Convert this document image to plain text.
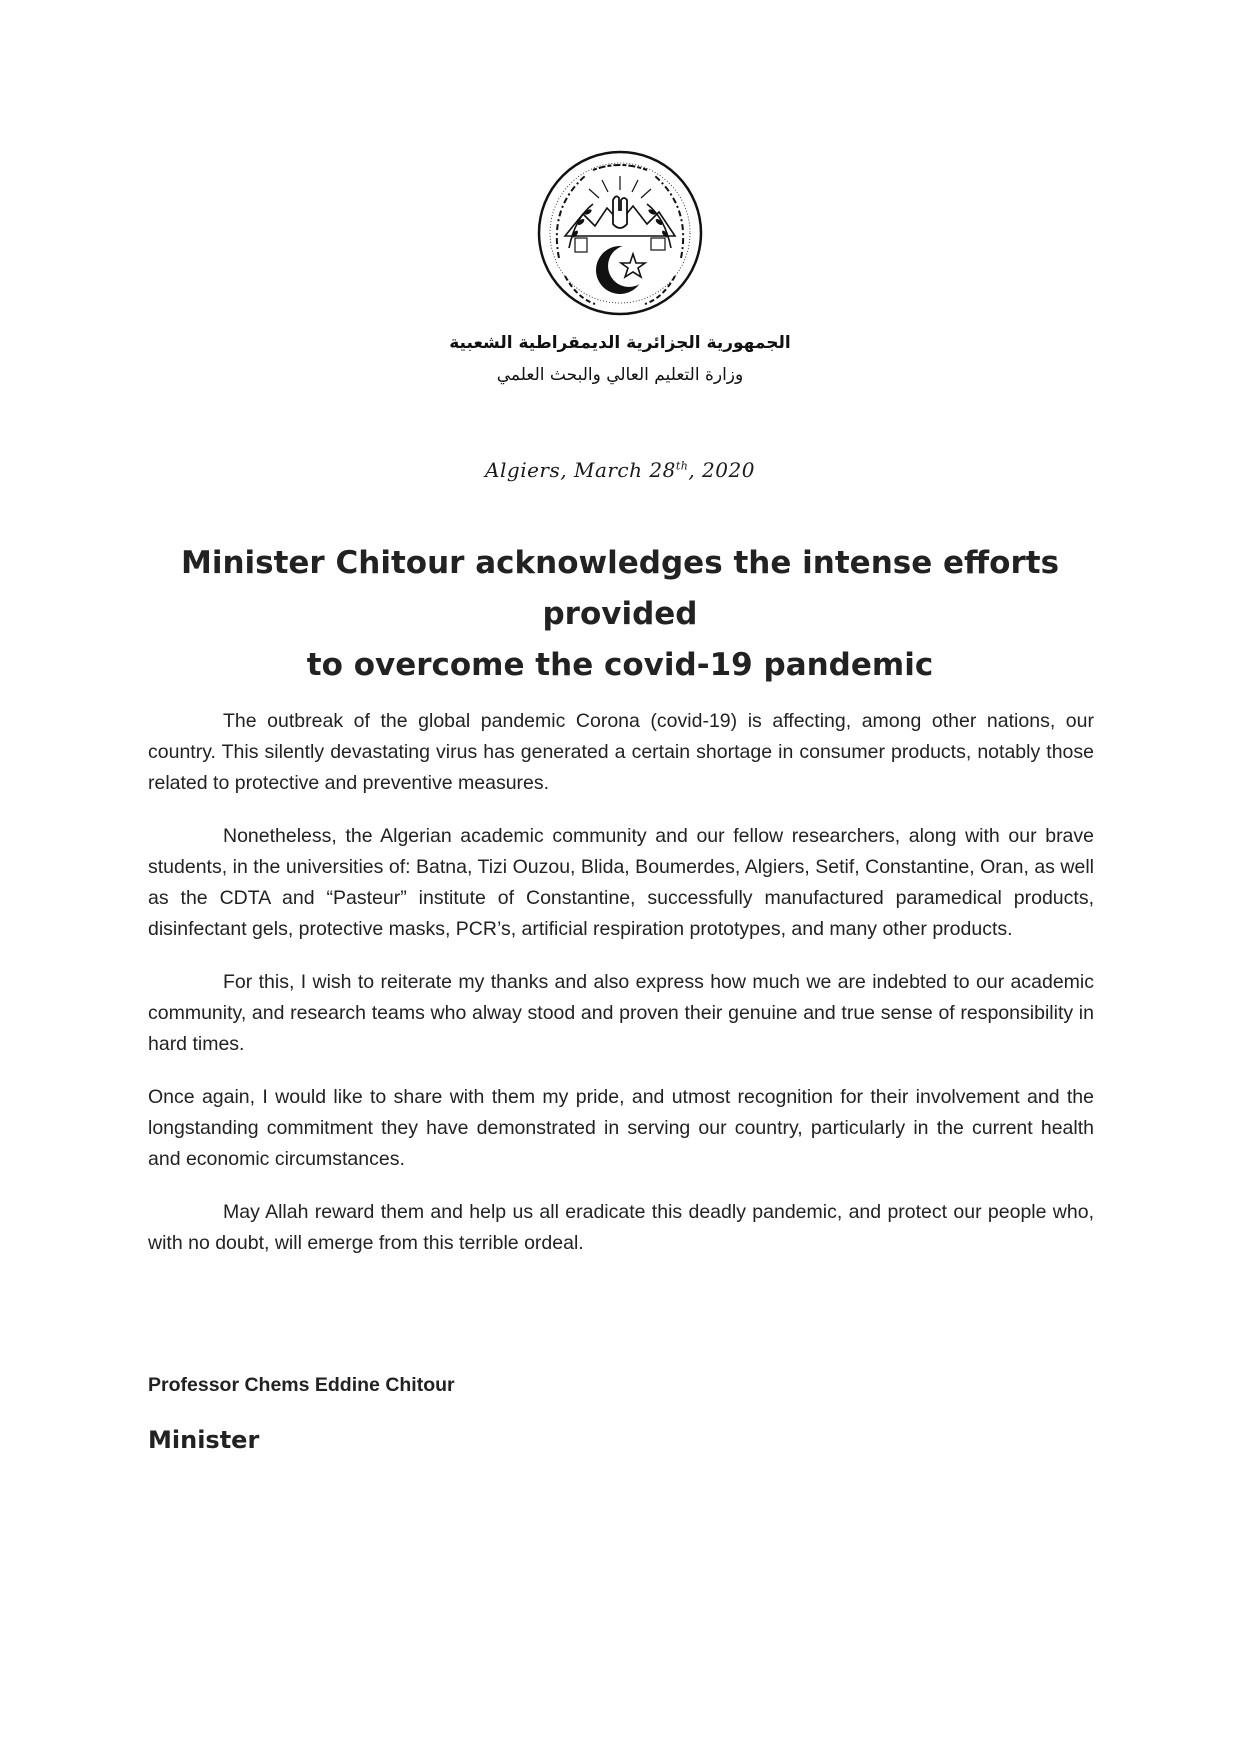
الجمهورية الجزائرية الديمقراطية الشعبية
وزارة التعليم العالي والبحث العلمي
Algiers, March 28th, 2020
Minister Chitour acknowledges the intense efforts provided
to overcome the covid-19 pandemic

The outbreak of the global pandemic Corona (covid-19) is affecting, among other nations, our country. This silently devastating virus has generated a certain shortage in consumer products, notably those related to protective and preventive measures.

Nonetheless, the Algerian academic community and our fellow researchers, along with our brave students, in the universities of: Batna, Tizi Ouzou, Blida, Boumerdes, Algiers, Setif, Constantine, Oran, as well as the CDTA and “Pasteur” institute of Constantine, successfully manufactured paramedical products, disinfectant gels, protective masks, PCR’s, artificial respiration prototypes, and many other products.

For this, I wish to reiterate my thanks and also express how much we are indebted to our academic community, and research teams who alway stood and proven their genuine and true sense of responsibility in hard times.

Once again, I would like to share with them my pride, and utmost recognition for their involvement and the longstanding commitment they have demonstrated in serving our country, particularly in the current health and economic circumstances.

May Allah reward them and help us all eradicate this deadly pandemic, and protect our people who, with no doubt, will emerge from this terrible ordeal.

Professor Chems Eddine Chitour
Minister
